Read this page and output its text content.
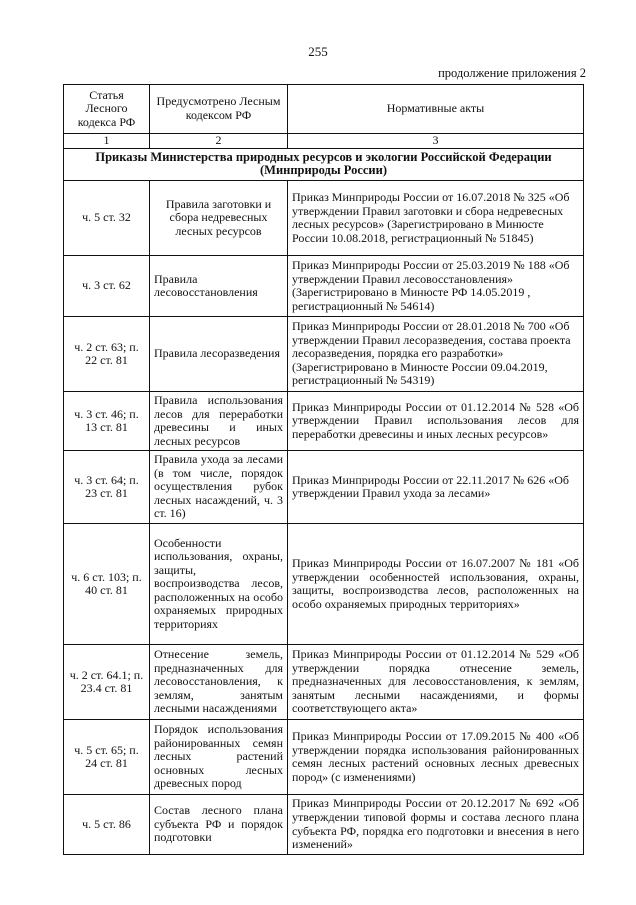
255
продолжение приложения 2
Статья Лесного кодекса РФ	Предусмотрено Лесным кодексом РФ	Нормативные акты
1	2	3
Приказы Министерства природных ресурсов и экологии Российской Федерации (Минприроды России)		
ч. 5 ст. 32	Правила заготовки и сбора недревесных лесных ресурсов	Приказ Минприроды России от 16.07.2018 № 325 «Об утверждении Правил заготовки и сбора недревесных лесных ресурсов» (Зарегистрировано в Минюсте России 10.08.2018, регистрационный № 51845)
ч. 3 ст. 62	Правила лесовосстановления	Приказ Минприроды России от 25.03.2019 № 188 «Об утверждении Правил лесовосстановления» (Зарегистрировано в Минюсте РФ 14.05.2019 , регистрационный № 54614)
ч. 2 ст. 63; п. 22 ст. 81	Правила лесоразведения	Приказ Минприроды России от 28.01.2018 № 700 «Об утверждении Правил лесоразведения, состава проекта лесоразведения, порядка его разработки» (Зарегистрировано в Минюсте России 09.04.2019, регистрационный № 54319)
ч. 3 ст. 46; п. 13 ст. 81	Правила использования лесов для переработки древесины и иных лесных ресурсов	Приказ Минприроды России от 01.12.2014 № 528 «Об утверждении Правил использования лесов для переработки древесины и иных лесных ресурсов»
ч. 3 ст. 64; п. 23 ст. 81	Правила ухода за лесами (в том числе, порядок осуществления рубок лесных насаждений, ч. 3 ст. 16)	Приказ Минприроды России от 22.11.2017 № 626 «Об утверждении Правил ухода за лесами»
ч. 6 ст. 103; п. 40 ст. 81	Особенности использования, охраны, защиты, воспроизводства лесов, расположенных на особо охраняемых природных территориях	Приказ Минприроды России от 16.07.2007 № 181 «Об утверждении особенностей использования, охраны, защиты, воспроизводства лесов, расположенных на особо охраняемых природных территориях»
ч. 2 ст. 64.1; п. 23.4 ст. 81	Отнесение земель, предназначенных для лесовосстановления, к землям, занятым лесными насаждениями	Приказ Минприроды России от 01.12.2014 № 529 «Об утверждении порядка отнесение земель, предназначенных для лесовосстановления, к землям, занятым лесными насаждениями, и формы соответствующего акта»
ч. 5 ст. 65; п. 24 ст. 81	Порядок использования районированных семян лесных растений основных лесных древесных пород	Приказ Минприроды России от 17.09.2015 № 400 «Об утверждении порядка использования районированных семян лесных растений основных лесных древесных пород» (с изменениями)
ч. 5 ст. 86	Состав лесного плана субъекта РФ и порядок подготовки	Приказ Минприроды России от 20.12.2017 № 692 «Об утверждении типовой формы и состава лесного плана субъекта РФ, порядка его подготовки и внесения в него изменений»
